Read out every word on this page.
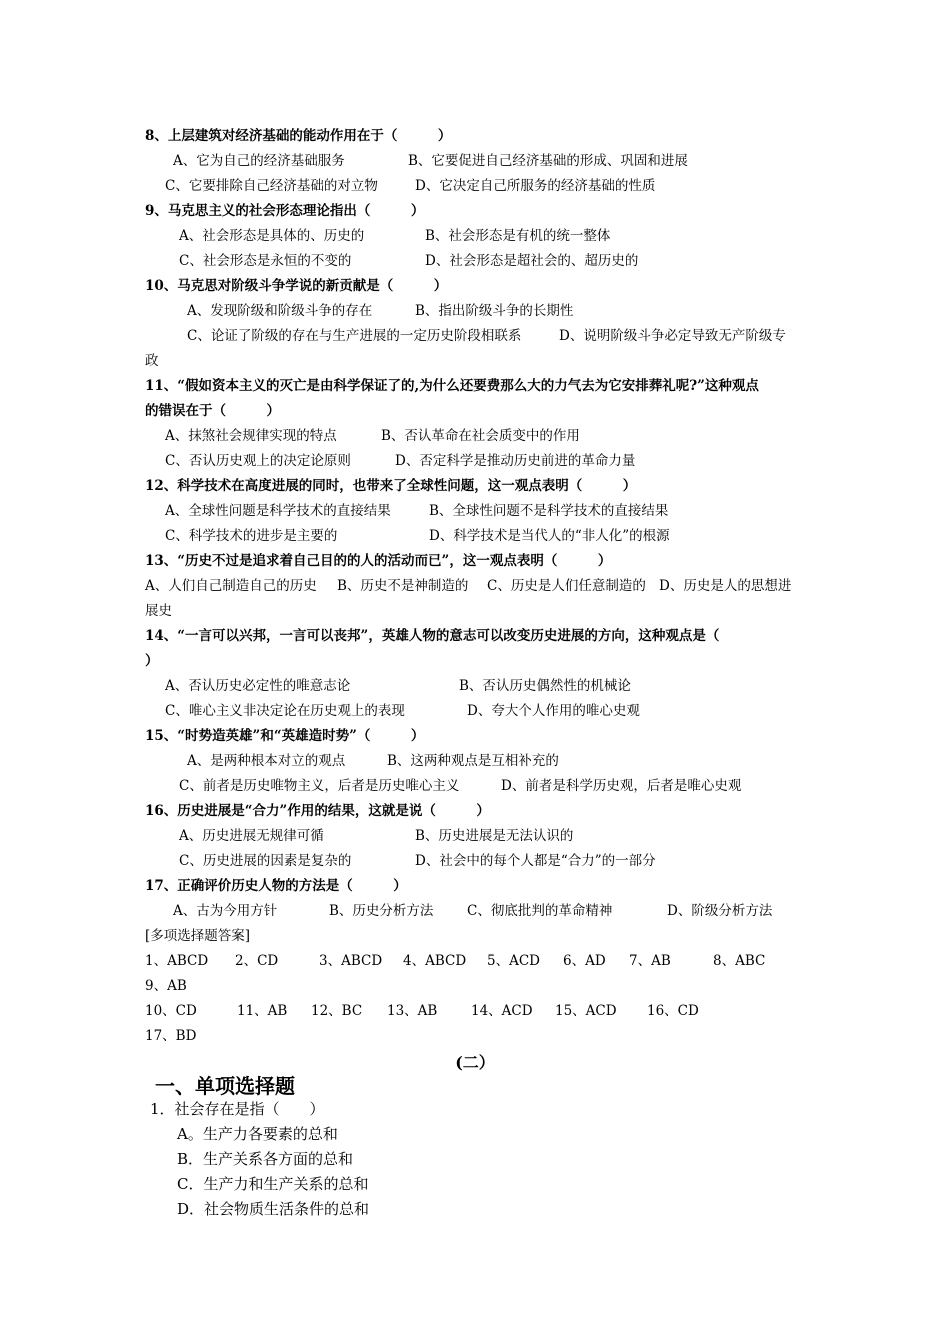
8、上层建筑对经济基础的能动作用在于（　　　）
A、它为自己的经济基础服务	B、它要促进自己经济基础的形成、巩固和进展
C、它要排除自己经济基础的对立物	D、它决定自己所服务的经济基础的性质
9、马克思主义的社会形态理论指出（　　　）
A、社会形态是具体的、历史的	B、社会形态是有机的统一整体
C、社会形态是永恒的不变的	D、社会形态是超社会的、超历史的
10、马克思对阶级斗争学说的新贡献是（　　　）
A、发现阶级和阶级斗争的存在	B、指出阶级斗争的长期性
C、论证了阶级的存在与生产进展的一定历史阶段相联系	D、说明阶级斗争必定导致无产阶级专
政
11、“假如资本主义的灭亡是由科学保证了的,为什么还要费那么大的力气去为它安排葬礼呢?”这种观点
的错误在于（　　　）
A、抹煞社会规律实现的特点	B、否认革命在社会质变中的作用
C、否认历史观上的决定论原则	D、否定科学是推动历史前进的革命力量
12、科学技术在高度进展的同时，也带来了全球性问题，这一观点表明（　　　）
A、全球性问题是科学技术的直接结果	B、全球性问题不是科学技术的直接结果
C、科学技术的进步是主要的	D、科学技术是当代人的“非人化”的根源
13、“历史不过是追求着自己目的的人的活动而已”，这一观点表明（　　　）
A、人们自己制造自己的历史 B、历史不是神制造的 C、历史是人们任意制造的 D、历史是人的思想进
展史
14、“一言可以兴邦，一言可以丧邦”，英雄人物的意志可以改变历史进展的方向，这种观点是（
）
A、否认历史必定性的唯意志论	B、否认历史偶然性的机械论
C、唯心主义非决定论在历史观上的表现	D、夸大个人作用的唯心史观
15、“时势造英雄”和“英雄造时势”（　　　）
A、是两种根本对立的观点	B、这两种观点是互相补充的
C、前者是历史唯物主义，后者是历史唯心主义	D、前者是科学历史观，后者是唯心史观
16、历史进展是“合力”作用的结果，这就是说（　　　）
A、历史进展无规律可循	B、历史进展是无法认识的
C、历史进展的因素是复杂的	D、社会中的每个人都是“合力”的一部分
17、正确评价历史人物的方法是（　　　）
A、古为今用方针	B、历史分析方法 C、彻底批判的革命精神	D、阶级分析方法
[多项选择题答案]
1、ABCD 2、CD	3、ABCD 4、ABCD 5、ACD 6、AD 7、AB	8、ABC
9、AB
10、CD	11、AB 12、BC 13、AB 14、ACD 15、ACD 16、CD
17、BD
(二）
一、单项选择题
1．社会存在是指（　　）
A。生产力各要素的总和
B．生产关系各方面的总和
C．生产力和生产关系的总和
D．社会物质生活条件的总和
